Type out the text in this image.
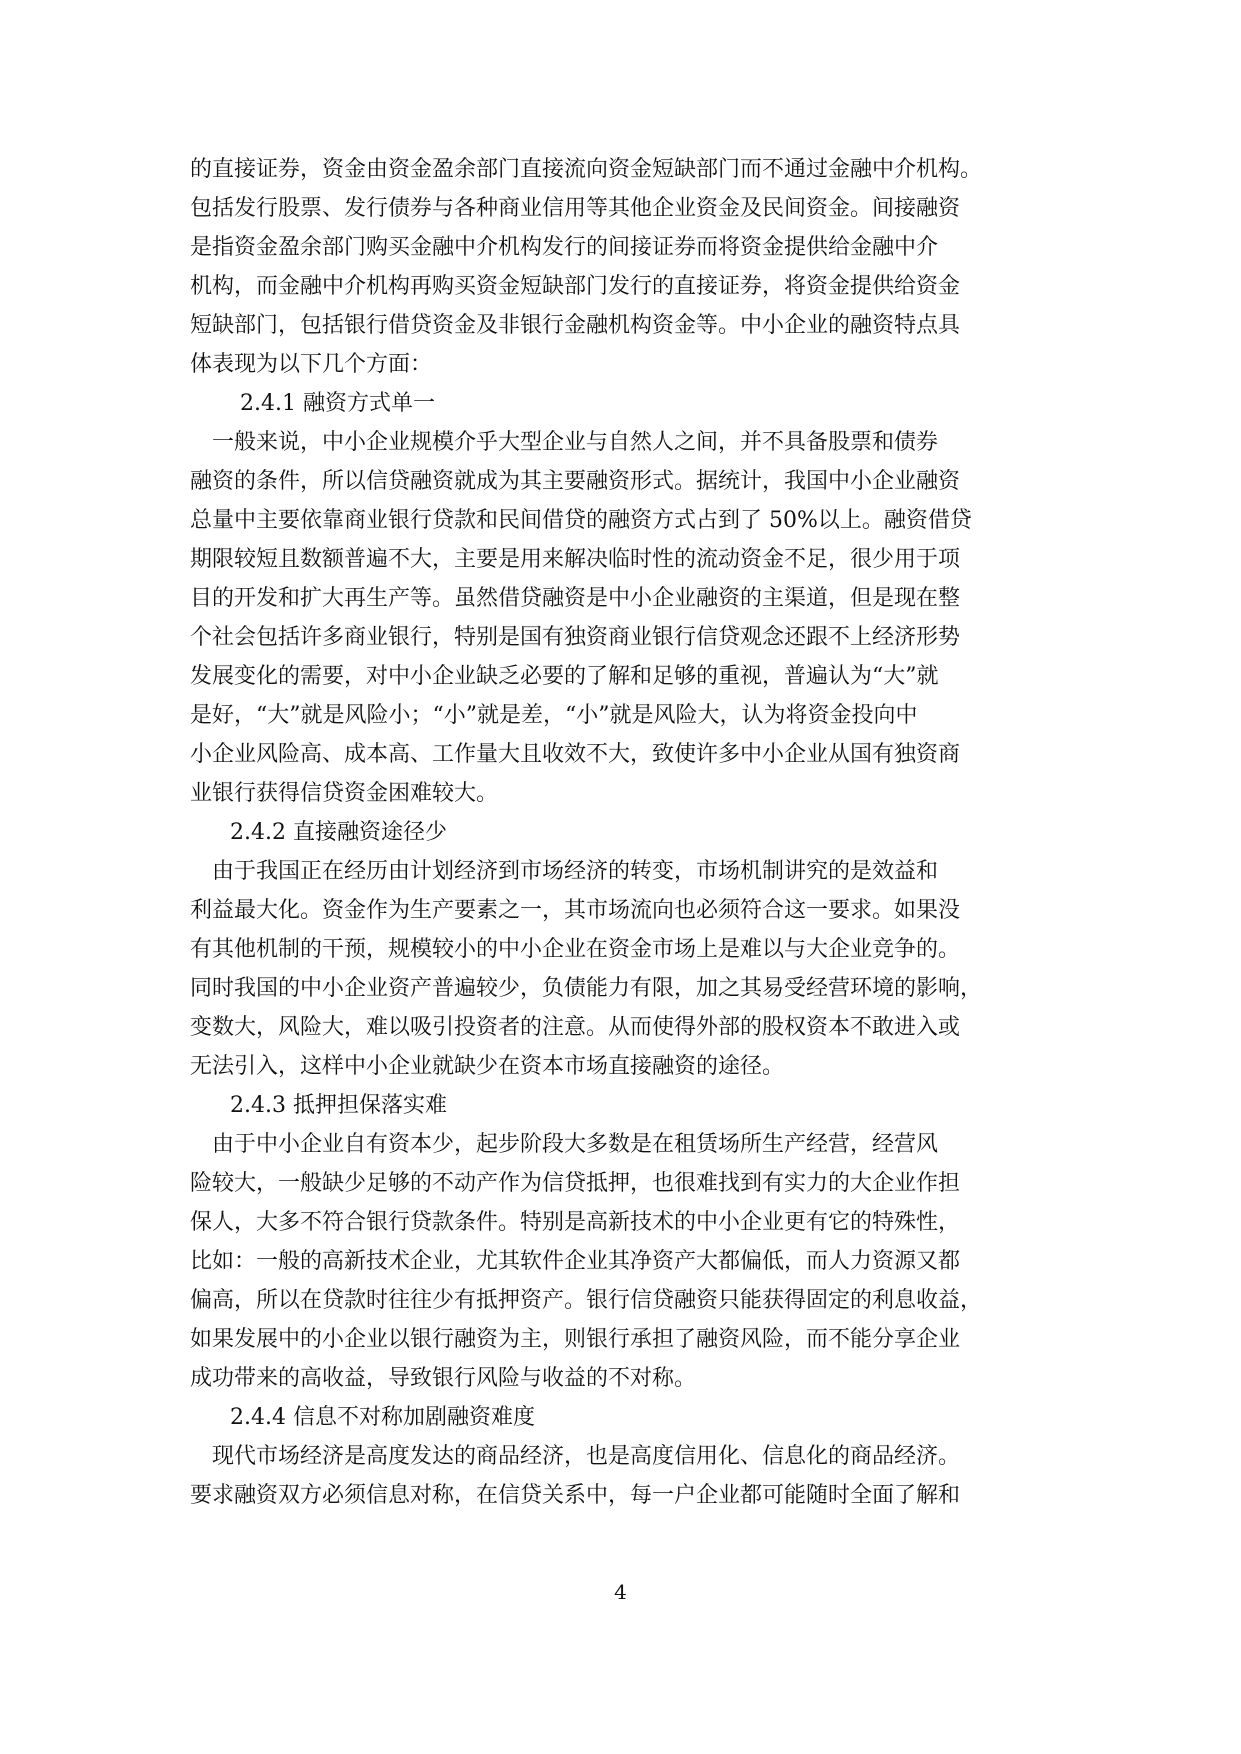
的直接证券，资金由资金盈余部门直接流向资金短缺部门而不通过金融中介机构。
包括发行股票、发行债券与各种商业信用等其他企业资金及民间资金。间接融资
是指资金盈余部门购买金融中介机构发行的间接证券而将资金提供给金融中介
机构，而金融中介机构再购买资金短缺部门发行的直接证券，将资金提供给资金
短缺部门，包括银行借贷资金及非银行金融机构资金等。中小企业的融资特点具
体表现为以下几个方面：
2.4.1 融资方式单一
　一般来说，中小企业规模介乎大型企业与自然人之间，并不具备股票和债券
融资的条件，所以信贷融资就成为其主要融资形式。据统计，我国中小企业融资
总量中主要依靠商业银行贷款和民间借贷的融资方式占到了 50%以上。融资借贷
期限较短且数额普遍不大，主要是用来解决临时性的流动资金不足，很少用于项
目的开发和扩大再生产等。虽然借贷融资是中小企业融资的主渠道，但是现在整
个社会包括许多商业银行，特别是国有独资商业银行信贷观念还跟不上经济形势
发展变化的需要，对中小企业缺乏必要的了解和足够的重视，普遍认为“大”就
是好，“大”就是风险小；“小”就是差，“小”就是风险大，认为将资金投向中
小企业风险高、成本高、工作量大且收效不大，致使许多中小企业从国有独资商
业银行获得信贷资金困难较大。
2.4.2 直接融资途径少
　由于我国正在经历由计划经济到市场经济的转变，市场机制讲究的是效益和
利益最大化。资金作为生产要素之一，其市场流向也必须符合这一要求。如果没
有其他机制的干预，规模较小的中小企业在资金市场上是难以与大企业竞争的。
同时我国的中小企业资产普遍较少，负债能力有限，加之其易受经营环境的影响，
变数大，风险大，难以吸引投资者的注意。从而使得外部的股权资本不敢进入或
无法引入，这样中小企业就缺少在资本市场直接融资的途径。
2.4.3 抵押担保落实难
　由于中小企业自有资本少，起步阶段大多数是在租赁场所生产经营，经营风
险较大，一般缺少足够的不动产作为信贷抵押，也很难找到有实力的大企业作担
保人，大多不符合银行贷款条件。特别是高新技术的中小企业更有它的特殊性，
比如：一般的高新技术企业，尤其软件企业其净资产大都偏低，而人力资源又都
偏高，所以在贷款时往往少有抵押资产。银行信贷融资只能获得固定的利息收益，
如果发展中的小企业以银行融资为主，则银行承担了融资风险，而不能分享企业
成功带来的高收益，导致银行风险与收益的不对称。
2.4.4 信息不对称加剧融资难度
　现代市场经济是高度发达的商品经济，也是高度信用化、信息化的商品经济。
要求融资双方必须信息对称，在信贷关系中，每一户企业都可能随时全面了解和
4
